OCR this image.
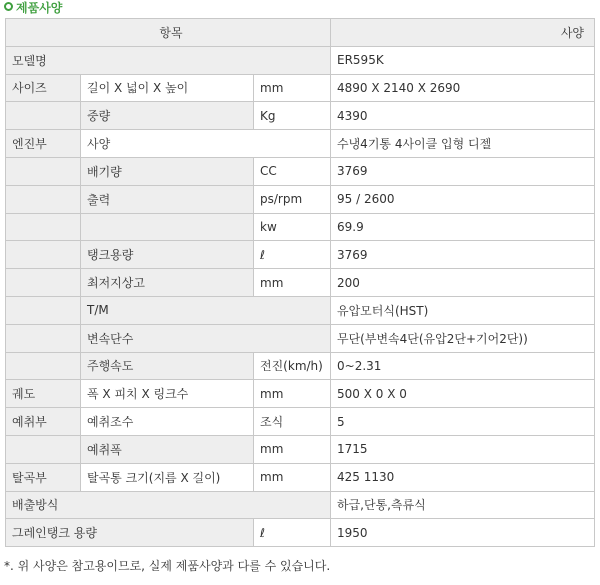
제품사양
항목			사양
모델명			ER595K
사이즈	길이 X 넓이 X 높이	mm	4890 X 2140 X 2690
	중량	Kg	4390
엔진부	사양		수냉4기통 4사이클 입형 디젤
	배기량	CC	3769
	출력	ps/rpm	95 / 2600
		kw	69.9
	탱크용량	ℓ	3769
	최저지상고	mm	200
	T/M		유압모터식(HST)
	변속단수		무단(부변속4단(유압2단+기어2단))
	주행속도	전진(km/h)	0~2.31
궤도	폭 X 피치 X 링크수	mm	500 X 0 X 0
예취부	예취조수	조식	5
	예취폭	mm	1715
탈곡부	탈곡통 크기(지름 X 길이)	mm	425 1130
배출방식			하급,단통,측류식
그레인탱크 용량		ℓ	1950
*. 위 사양은 참고용이므로, 실제 제품사양과 다를 수 있습니다.
